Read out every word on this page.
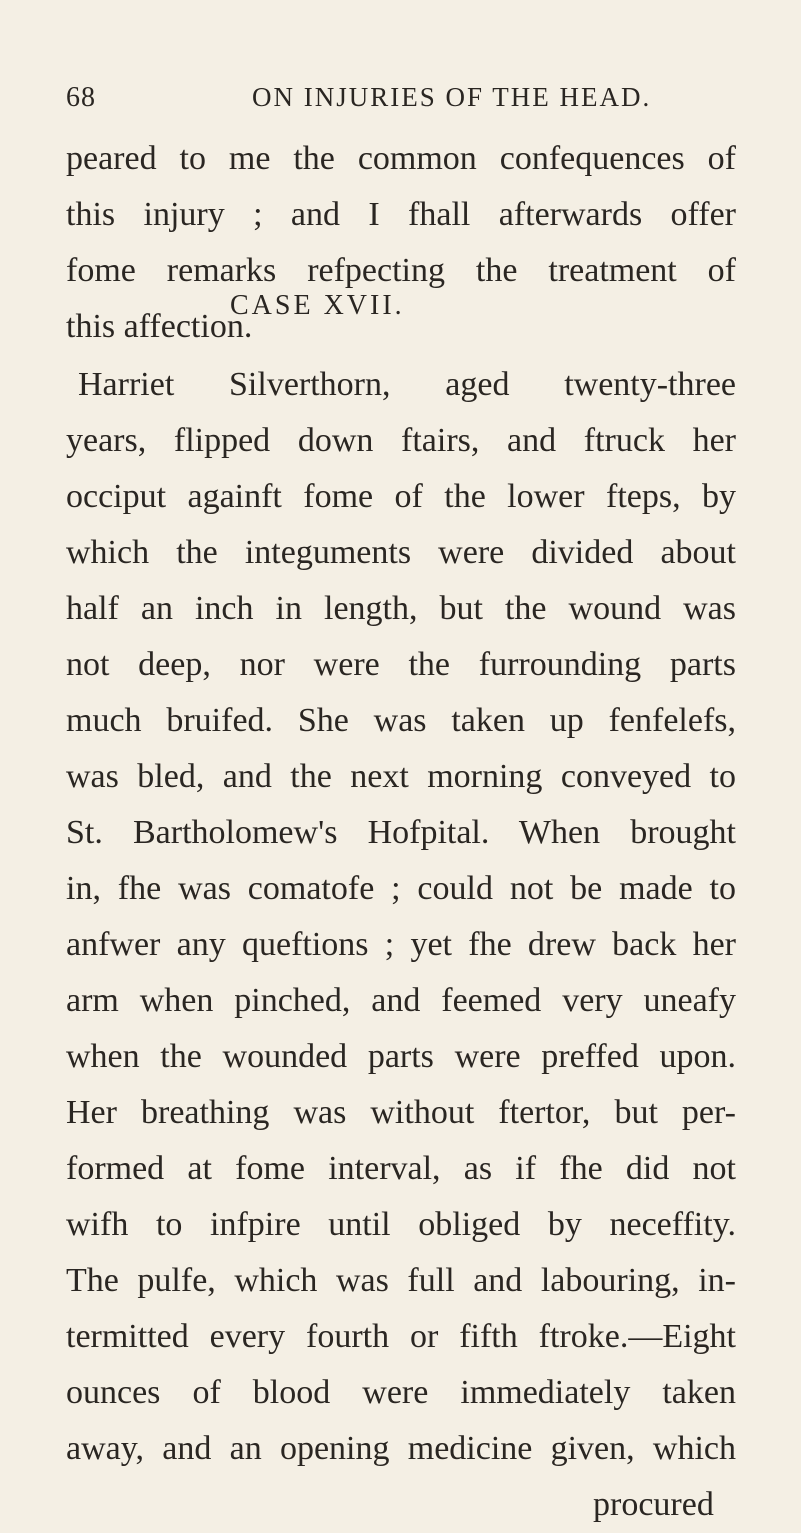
68	ON INJURIES OF THE HEAD.
peared to me the common confequences of
this injury ; and I fhall afterwards offer
fome remarks refpecting the treatment of
this affection.
CASE XVII.
Harriet Silverthorn, aged twenty-three
years, flipped down ftairs, and ftruck her
occiput againft fome of the lower fteps, by
which the integuments were divided about
half an inch in length, but the wound was
not deep, nor were the furrounding parts
much bruifed. She was taken up fenfelefs,
was bled, and the next morning conveyed to
St. Bartholomew's Hofpital. When brought
in, fhe was comatofe ; could not be made to
anfwer any queftions ; yet fhe drew back her
arm when pinched, and feemed very uneafy
when the wounded parts were preffed upon.
Her breathing was without ftertor, but per-
formed at fome interval, as if fhe did not
wifh to infpire until obliged by neceffity.
The pulfe, which was full and labouring, in-
termitted every fourth or fifth ftroke.—Eight
ounces of blood were immediately taken
away, and an opening medicine given, which
procured
